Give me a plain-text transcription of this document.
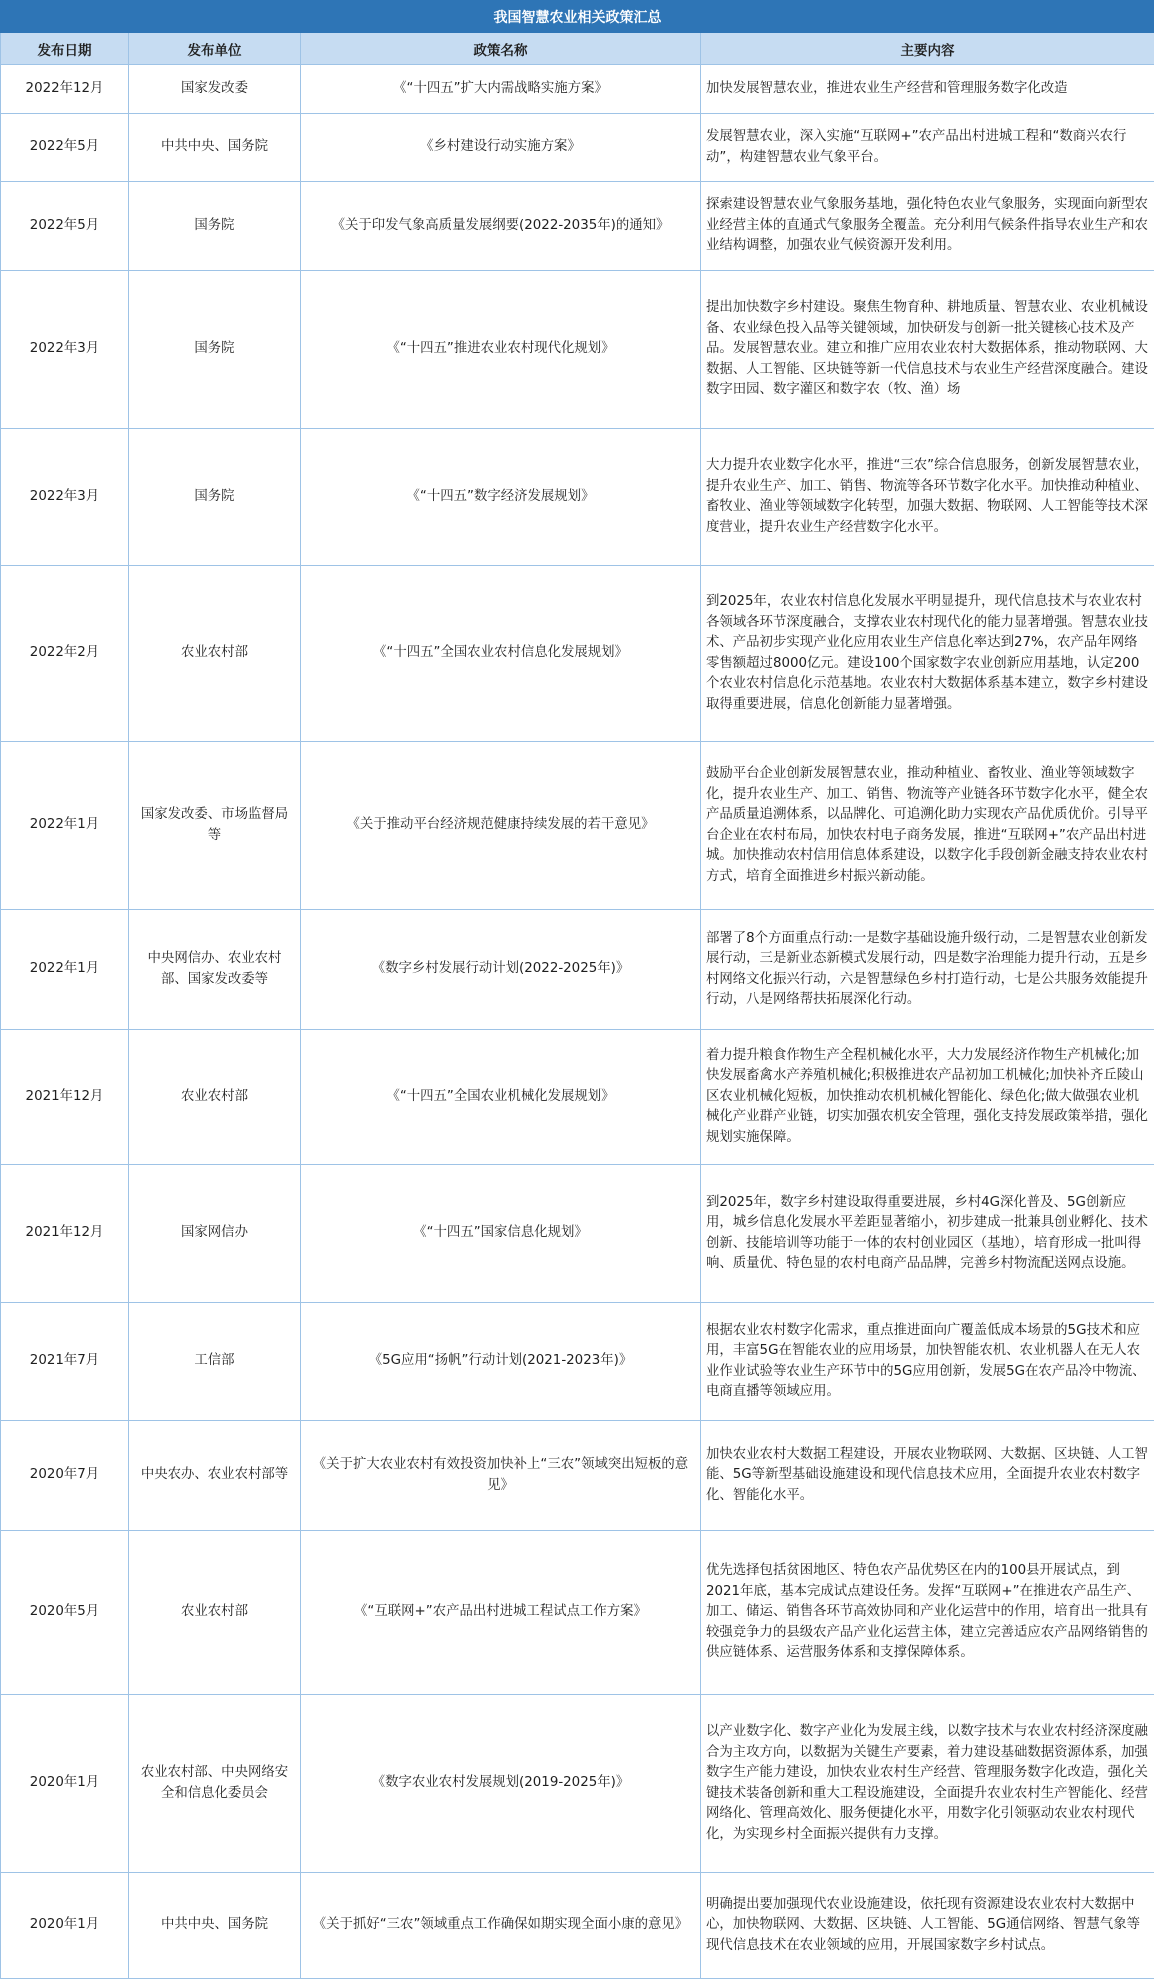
我国智慧农业相关政策汇总			
发布日期	发布单位	政策名称	主要内容
2022年12月	国家发改委	《“十四五”扩大内需战略实施方案》	加快发展智慧农业，推进农业生产经营和管理服务数字化改造
2022年5月	中共中央、国务院	《乡村建设行动实施方案》	发展智慧农业，深入实施“互联网+”农产品出村进城工程和“数商兴农行动”，构建智慧农业气象平台。
2022年5月	国务院	《关于印发气象高质量发展纲要(2022-2035年)的通知》	探索建设智慧农业气象服务基地，强化特色农业气象服务，实现面向新型农业经营主体的直通式气象服务全覆盖。充分利用气候条件指导农业生产和农业结构调整，加强农业气候资源开发利用。
2022年3月	国务院	《“十四五”推进农业农村现代化规划》	提出加快数字乡村建设。聚焦生物育种、耕地质量、智慧农业、农业机械设备、农业绿色投入品等关键领域，加快研发与创新一批关键核心技术及产品。发展智慧农业。建立和推广应用农业农村大数据体系，推动物联网、大数据、人工智能、区块链等新一代信息技术与农业生产经营深度融合。建设数字田园、数字灌区和数字农（牧、渔）场
2022年3月	国务院	《“十四五”数字经济发展规划》	大力提升农业数字化水平，推进“三农”综合信息服务，创新发展智慧农业，提升农业生产、加工、销售、物流等各环节数字化水平。加快推动种植业、畜牧业、渔业等领域数字化转型，加强大数据、物联网、人工智能等技术深度营业，提升农业生产经营数字化水平。
2022年2月	农业农村部	《“十四五”全国农业农村信息化发展规划》	到2025年，农业农村信息化发展水平明显提升，现代信息技术与农业农村各领域各环节深度融合，支撑农业农村现代化的能力显著增强。智慧农业技术、产品初步实现产业化应用农业生产信息化率达到27%，农产品年网络零售额超过8000亿元。建设100个国家数字农业创新应用基地，认定200个农业农村信息化示范基地。农业农村大数据体系基本建立，数字乡村建设取得重要进展，信息化创新能力显著增强。
2022年1月	国家发改委、市场监督局等	《关于推动平台经济规范健康持续发展的若干意见》	鼓励平台企业创新发展智慧农业，推动种植业、畜牧业、渔业等领域数字化，提升农业生产、加工、销售、物流等产业链各环节数字化水平，健全农产品质量追溯体系，以品牌化、可追溯化助力实现农产品优质优价。引导平台企业在农村布局，加快农村电子商务发展，推进“互联网+”农产品出村进城。加快推动农村信用信息体系建设，以数字化手段创新金融支持农业农村方式，培育全面推进乡村振兴新动能。
2022年1月	中央网信办、农业农村部、国家发改委等	《数字乡村发展行动计划(2022-2025年)》	部署了8个方面重点行动:一是数字基础设施升级行动，二是智慧农业创新发展行动，三是新业态新模式发展行动，四是数字治理能力提升行动，五是乡村网络文化振兴行动，六是智慧绿色乡村打造行动，七是公共服务效能提升行动，八是网络帮扶拓展深化行动。
2021年12月	农业农村部	《“十四五”全国农业机械化发展规划》	着力提升粮食作物生产全程机械化水平，大力发展经济作物生产机械化;加快发展畜禽水产养殖机械化;积极推进农产品初加工机械化;加快补齐丘陵山区农业机械化短板，加快推动农机机械化智能化、绿色化;做大做强农业机械化产业群产业链，切实加强农机安全管理，强化支持发展政策举措，强化规划实施保障。
2021年12月	国家网信办	《“十四五”国家信息化规划》	到2025年，数字乡村建设取得重要进展，乡村4G深化普及、5G创新应用，城乡信息化发展水平差距显著缩小，初步建成一批兼具创业孵化、技术创新、技能培训等功能于一体的农村创业园区（基地），培育形成一批叫得响、质量优、特色显的农村电商产品品牌，完善乡村物流配送网点设施。
2021年7月	工信部	《5G应用“扬帆”行动计划(2021-2023年)》	根据农业农村数字化需求，重点推进面向广覆盖低成本场景的5G技术和应用，丰富5G在智能农业的应用场景，加快智能农机、农业机器人在无人农业作业试验等农业生产环节中的5G应用创新，发展5G在农产品冷中物流、电商直播等领域应用。
2020年7月	中央农办、农业农村部等	《关于扩大农业农村有效投资加快补上“三农”领域突出短板的意见》	加快农业农村大数据工程建设，开展农业物联网、大数据、区块链、人工智能、5G等新型基础设施建设和现代信息技术应用，全面提升农业农村数字化、智能化水平。
2020年5月	农业农村部	《“互联网+”农产品出村进城工程试点工作方案》	优先选择包括贫困地区、特色农产品优势区在内的100县开展试点，到2021年底，基本完成试点建设任务。发挥“互联网+”在推进农产品生产、加工、储运、销售各环节高效协同和产业化运营中的作用，培育出一批具有较强竞争力的县级农产品产业化运营主体，建立完善适应农产品网络销售的供应链体系、运营服务体系和支撑保障体系。
2020年1月	农业农村部、中央网络安全和信息化委员会	《数字农业农村发展规划(2019-2025年)》	以产业数字化、数字产业化为发展主线，以数字技术与农业农村经济深度融合为主攻方向，以数据为关键生产要素，着力建设基础数据资源体系，加强数字生产能力建设，加快农业农村生产经营、管理服务数字化改造，强化关键技术装备创新和重大工程设施建设，全面提升农业农村生产智能化、经营网络化、管理高效化、服务便捷化水平，用数字化引领驱动农业农村现代化，为实现乡村全面振兴提供有力支撑。
2020年1月	中共中央、国务院	《关于抓好“三农”领域重点工作确保如期实现全面小康的意见》	明确提出要加强现代农业设施建设，依托现有资源建设农业农村大数据中心，加快物联网、大数据、区块链、人工智能、5G通信网络、智慧气象等现代信息技术在农业领域的应用，开展国家数字乡村试点。
